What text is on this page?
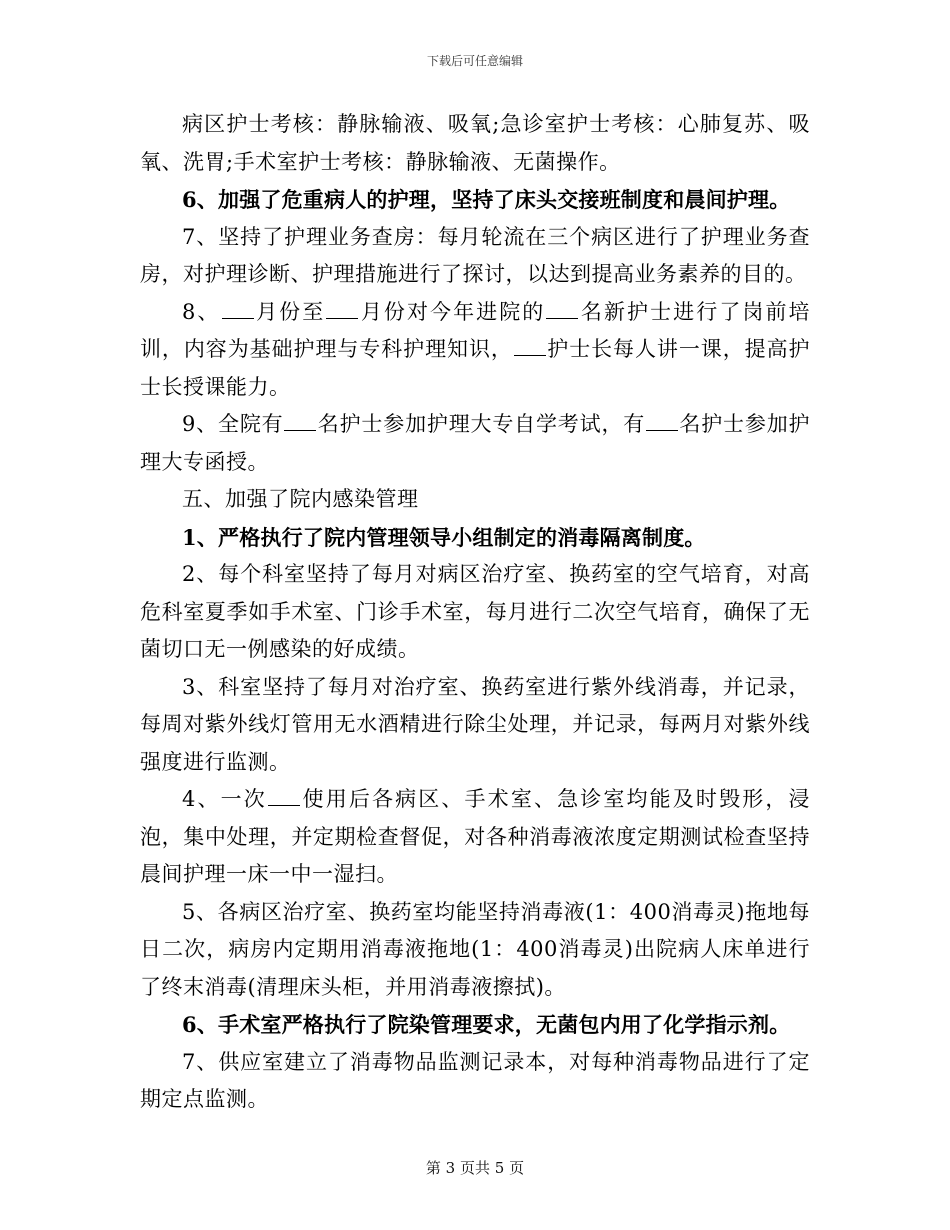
下载后可任意编辑

病区护士考核：静脉输液、吸氧;急诊室护士考核：心肺复苏、吸氧、洗胃;手术室护士考核：静脉输液、无菌操作。

6、加强了危重病人的护理，坚持了床头交接班制度和晨间护理。

7、坚持了护理业务查房：每月轮流在三个病区进行了护理业务查房，对护理诊断、护理措施进行了探讨，以达到提高业务素养的目的。

8、 月份至 月份对今年进院的 名新护士进行了岗前培训，内容为基础护理与专科护理知识， 护士长每人讲一课，提高护士长授课能力。

9、全院有 名护士参加护理大专自学考试，有 名护士参加护理大专函授。

五、加强了院内感染管理

1、严格执行了院内管理领导小组制定的消毒隔离制度。

2、每个科室坚持了每月对病区治疗室、换药室的空气培育，对高危科室夏季如手术室、门诊手术室，每月进行二次空气培育，确保了无菌切口无一例感染的好成绩。

3、科室坚持了每月对治疗室、换药室进行紫外线消毒，并记录，每周对紫外线灯管用无水酒精进行除尘处理，并记录，每两月对紫外线强度进行监测。

4、一次 使用后各病区、手术室、急诊室均能及时毁形，浸泡，集中处理，并定期检查督促，对各种消毒液浓度定期测试检查坚持晨间护理一床一中一湿扫。

5、各病区治疗室、换药室均能坚持消毒液(1：400消毒灵)拖地每日二次，病房内定期用消毒液拖地(1：400消毒灵)出院病人床单进行了终末消毒(清理床头柜，并用消毒液擦拭)。

6、手术室严格执行了院染管理要求，无菌包内用了化学指示剂。

7、供应室建立了消毒物品监测记录本，对每种消毒物品进行了定期定点监测。

第 3 页共 5 页
